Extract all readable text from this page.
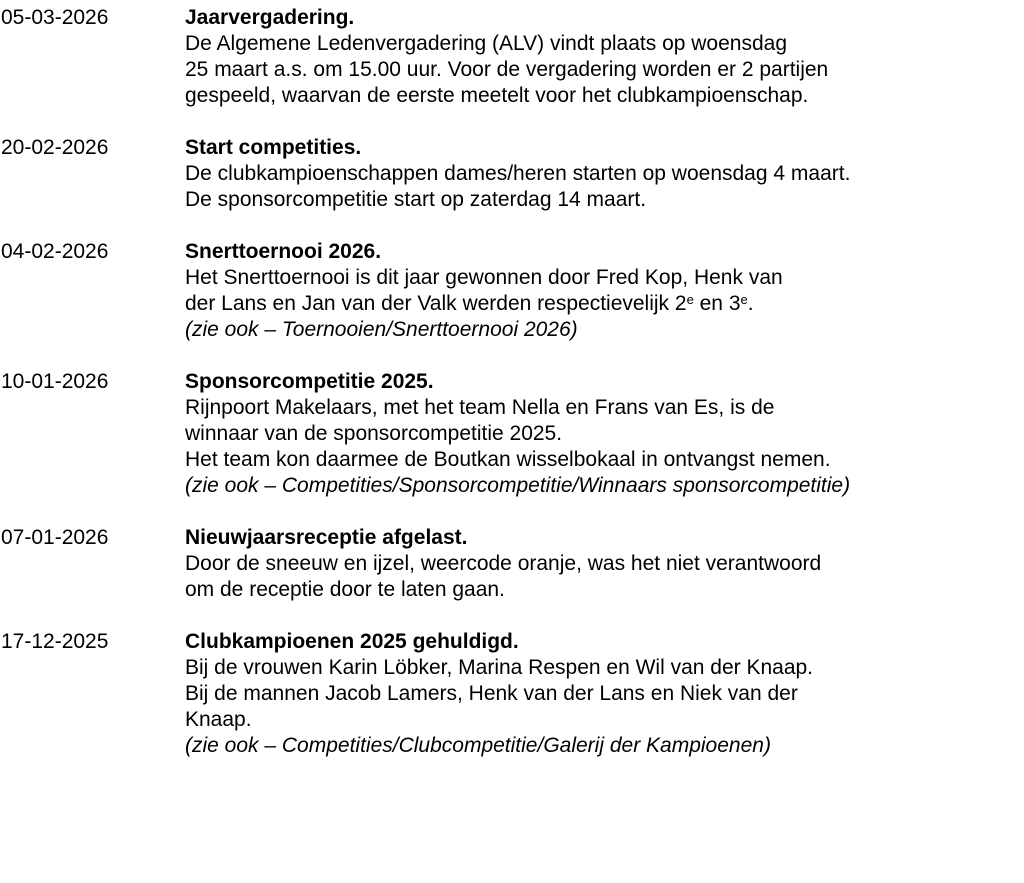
05-03-2026	Jaarvergadering.
De Algemene Ledenvergadering (ALV) vindt plaats op woensdag
25 maart a.s. om 15.00 uur. Voor de vergadering worden er 2 partijen
gespeeld, waarvan de eerste meetelt voor het clubkampioenschap.
20-02-2026	Start competities.
De clubkampioenschappen dames/heren starten op woensdag 4 maart.
De sponsorcompetitie start op zaterdag 14 maart.
04-02-2026	Snerttoernooi 2026.
Het Snerttoernooi is dit jaar gewonnen door Fred Kop, Henk van
der Lans en Jan van der Valk werden respectievelijk 2e en 3e.
(zie ook – Toernooien/Snerttoernooi 2026)
10-01-2026	Sponsorcompetitie 2025.
Rijnpoort Makelaars, met het team Nella en Frans van Es, is de
winnaar van de sponsorcompetitie 2025.
Het team kon daarmee de Boutkan wisselbokaal in ontvangst nemen.
(zie ook – Competities/Sponsorcompetitie/Winnaars sponsorcompetitie)
07-01-2026	Nieuwjaarsreceptie afgelast.
Door de sneeuw en ijzel, weercode oranje, was het niet verantwoord
om de receptie door te laten gaan.
17-12-2025	Clubkampioenen 2025 gehuldigd.
Bij de vrouwen Karin Löbker, Marina Respen en Wil van der Knaap.
Bij de mannen Jacob Lamers, Henk van der Lans en Niek van der
Knaap.
(zie ook – Competities/Clubcompetitie/Galerij der Kampioenen)
